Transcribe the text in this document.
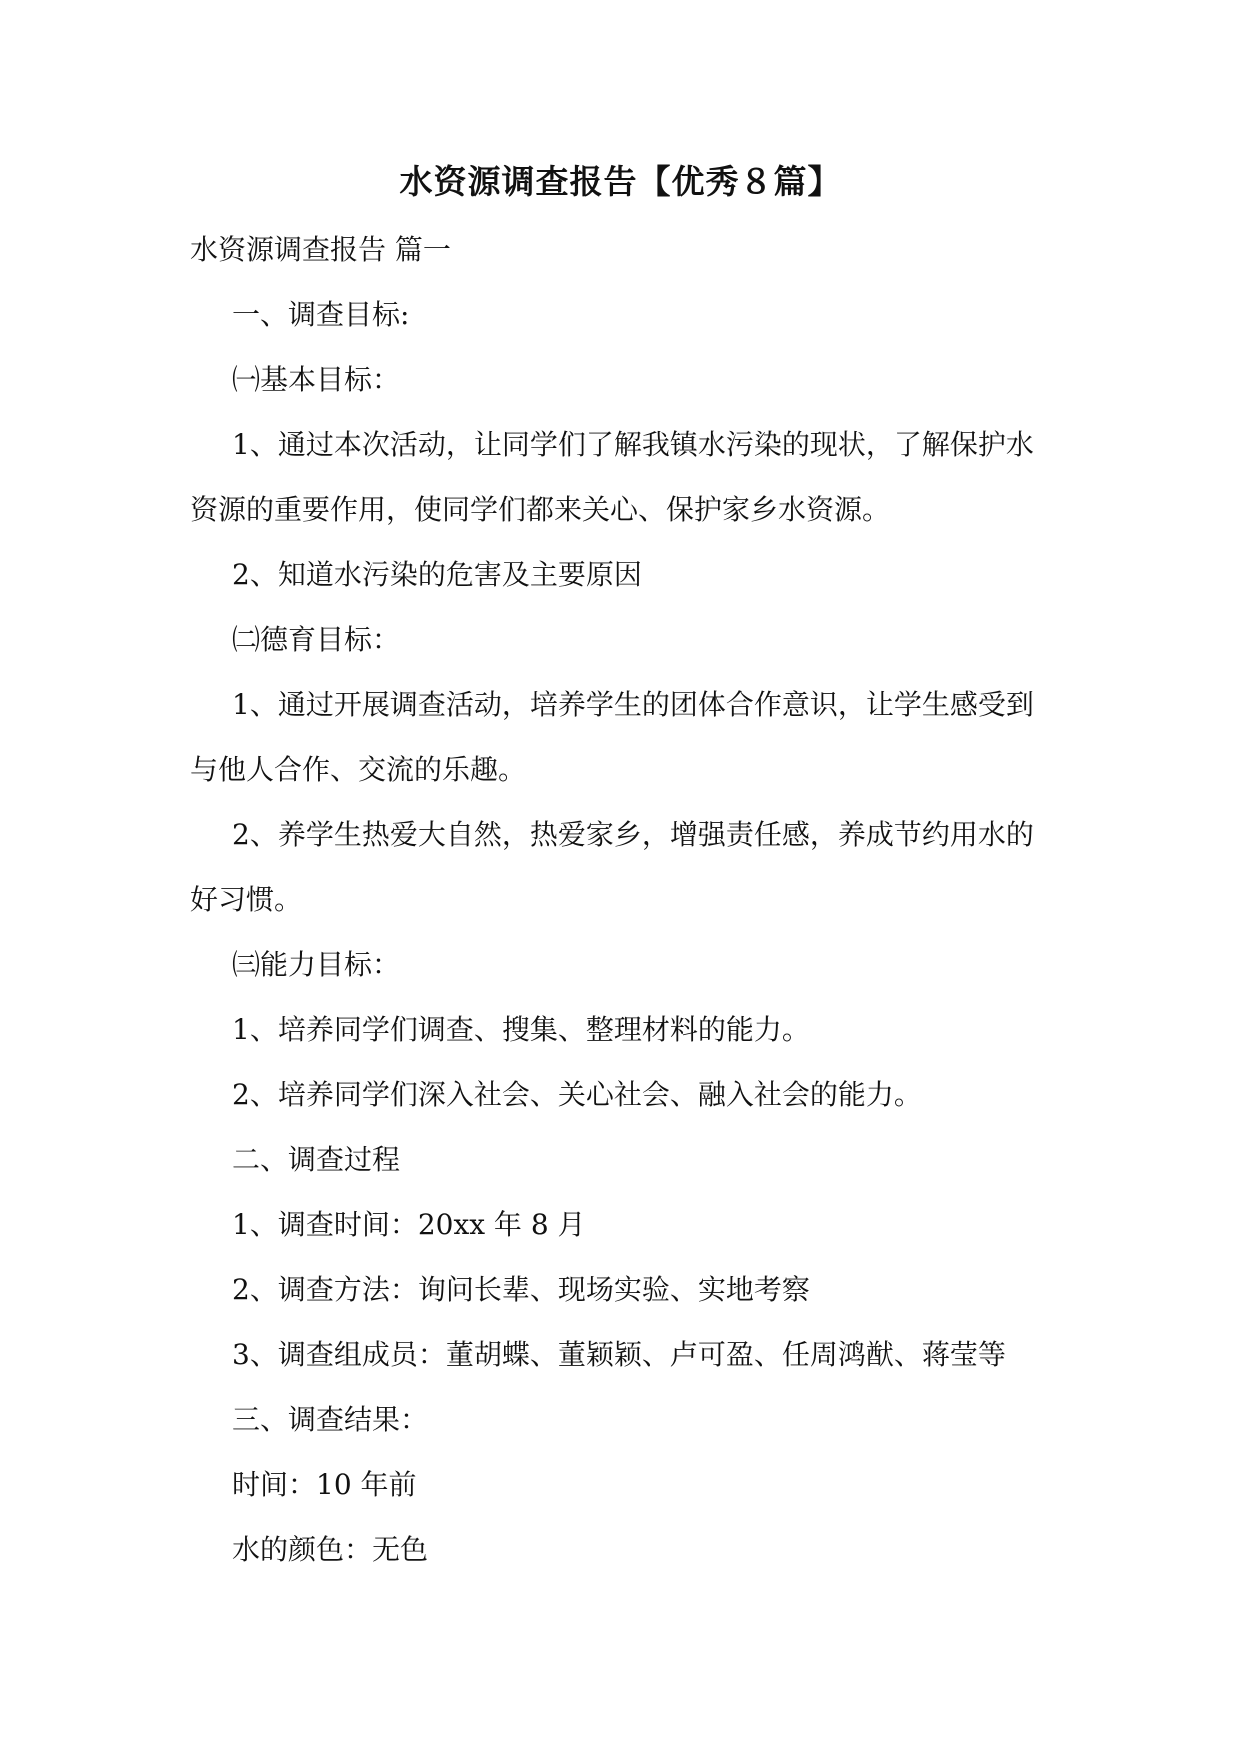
水资源调查报告【优秀８篇】
水资源调查报告 篇一
一、调查目标:
㈠基本目标：
1、通过本次活动，让同学们了解我镇水污染的现状，了解保护水
资源的重要作用，使同学们都来关心、保护家乡水资源。
2、知道水污染的危害及主要原因
㈡德育目标：
1、通过开展调查活动，培养学生的团体合作意识，让学生感受到
与他人合作、交流的乐趣。
2、养学生热爱大自然，热爱家乡，增强责任感，养成节约用水的
好习惯。
㈢能力目标：
1、培养同学们调查、搜集、整理材料的能力。
2、培养同学们深入社会、关心社会、融入社会的能力。
二、调查过程
1、调查时间：20xx 年 8 月
2、调查方法：询问长辈、现场实验、实地考察
3、调查组成员：董胡蝶、董颖颖、卢可盈、任周鸿猷、蒋莹等
三、调查结果：
时间：10 年前
水的颜色：无色
